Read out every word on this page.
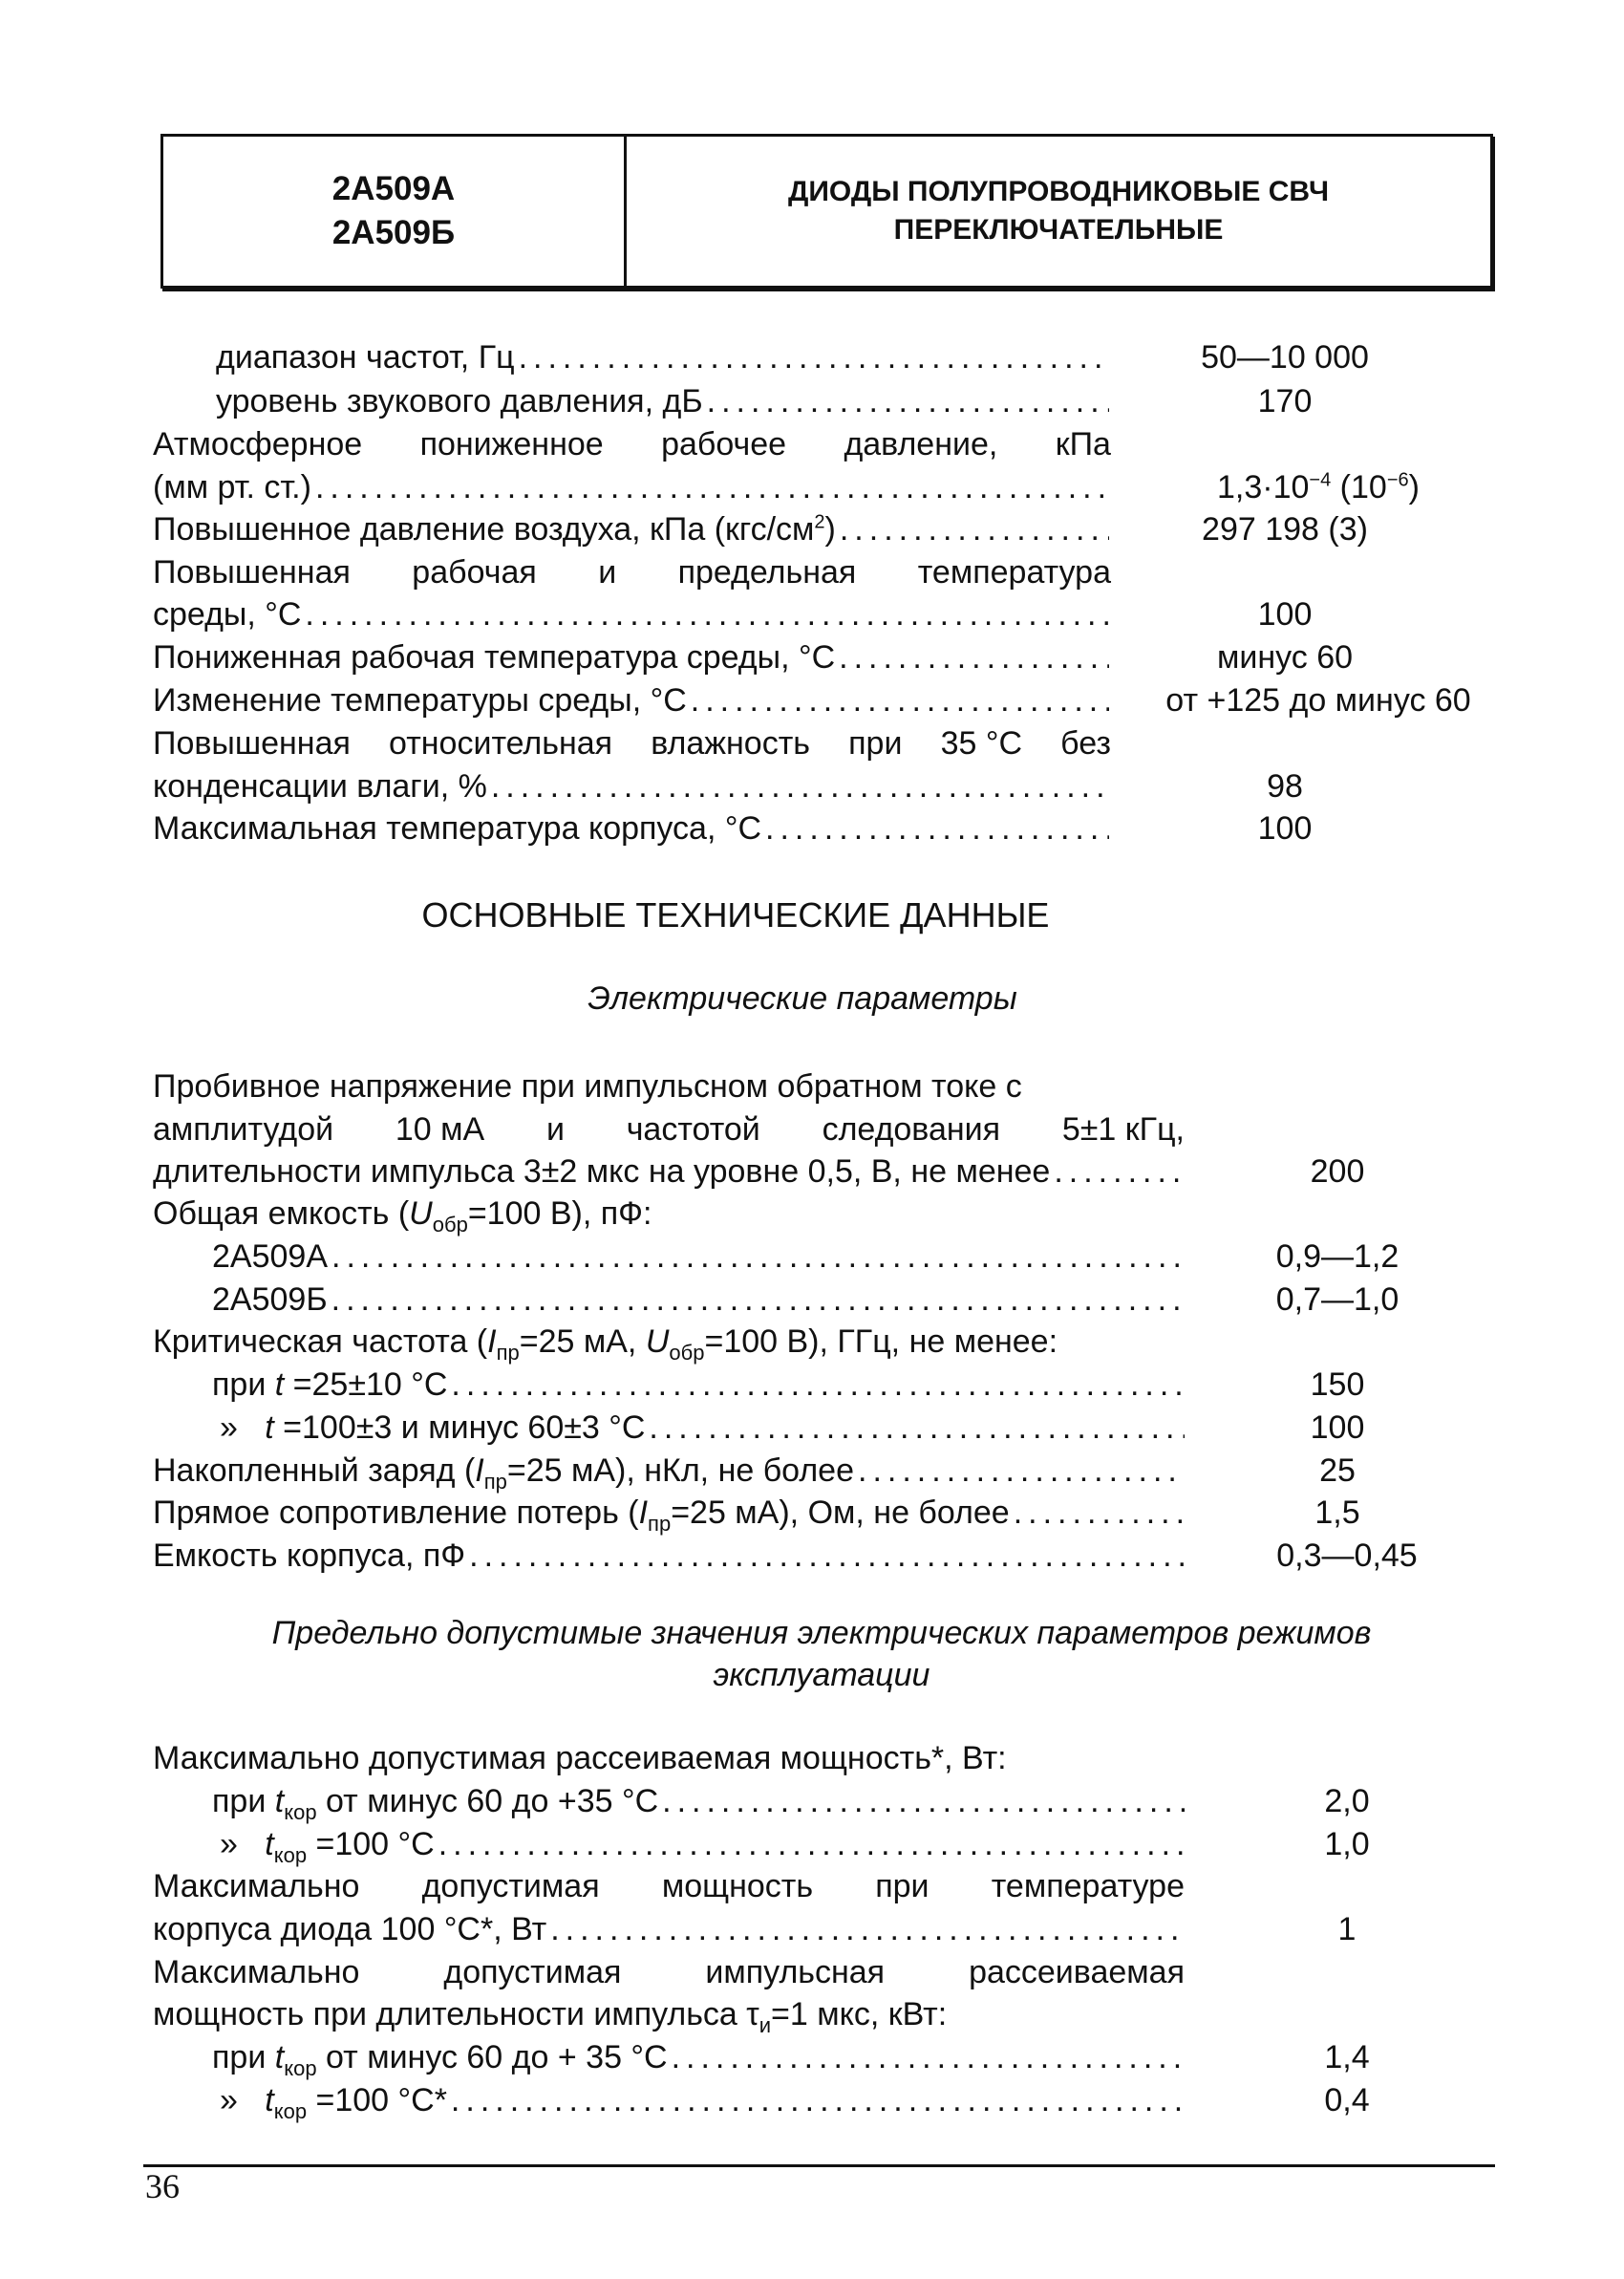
2А509А
2А509Б
ДИОДЫ ПОЛУПРОВОДНИКОВЫЕ СВЧ
ПЕРЕКЛЮЧАТЕЛЬНЫЕ
диапазон частот, Гц .....	50—10 000
уровень звукового давления, дБ .....	170
Атмосферное пониженное рабочее давление, кПа
(мм рт. ст.) .....	$1,3\cdot 10^{-4}$ $(10^{-6})$
Повышенное давление воздуха, кПа $(кгс/см^2)$ .....	297 198 (3)
Повышенная рабочая и предельная температура
среды, °С .....	100
Пониженная рабочая температура среды, °С .....	минус 60
Изменение температуры среды, °С .....	от +125 до минус 60
Повышенная относительная влажность при 35 °С без
конденсации влаги, % .....	98
Максимальная температура корпуса, °С .....	100
ОСНОВНЫЕ ТЕХНИЧЕСКИЕ ДАННЫЕ
Электрические параметры
Пробивное напряжение при импульсном обратном токе с
амплитудой 10 мА и частотой следования 5±1 кГц,
длительности импульса 3±2 мкс на уровне 0,5, В, не менее .....	200
Общая емкость ($U_{обр}=100$ В), пФ:
2А509А .....	0,9—1,2
2А509Б .....	0,7—1,0
Критическая частота ($I_{пр}=25$ мА, $U_{обр}=100$ В), ГГц, не менее:
при t =25±10 °С .....	150
» t =100±3 и минус 60±3 °С .....	100
Накопленный заряд ($I_{пр}=25$ мА), нКл, не более .....	25
Прямое сопротивление потерь ($I_{пр}=25$ мА), Ом, не более .....	1,5
Емкость корпуса, пФ .....	0,3—0,45
Предельно допустимые значения электрических параметров режимов
эксплуатации
Максимально допустимая рассеиваемая мощность*, Вт:
при $t_{кор}$ от минус 60 до +35 °С .....	2,0
» $t_{кор} =100$ °С .....	1,0
Максимально допустимая мощность при температуре
корпуса диода 100 °С*, Вт .....	1
Максимально	допустимая	импульсная	рассеиваемая
мощность при длительности импульса $\tau_и=1$ мкс, кВт:
при $t_{кор}$ от минус 60 до + 35 °С .....	1,4
» $t_{кор} =100$ °С* .....	0,4
36
